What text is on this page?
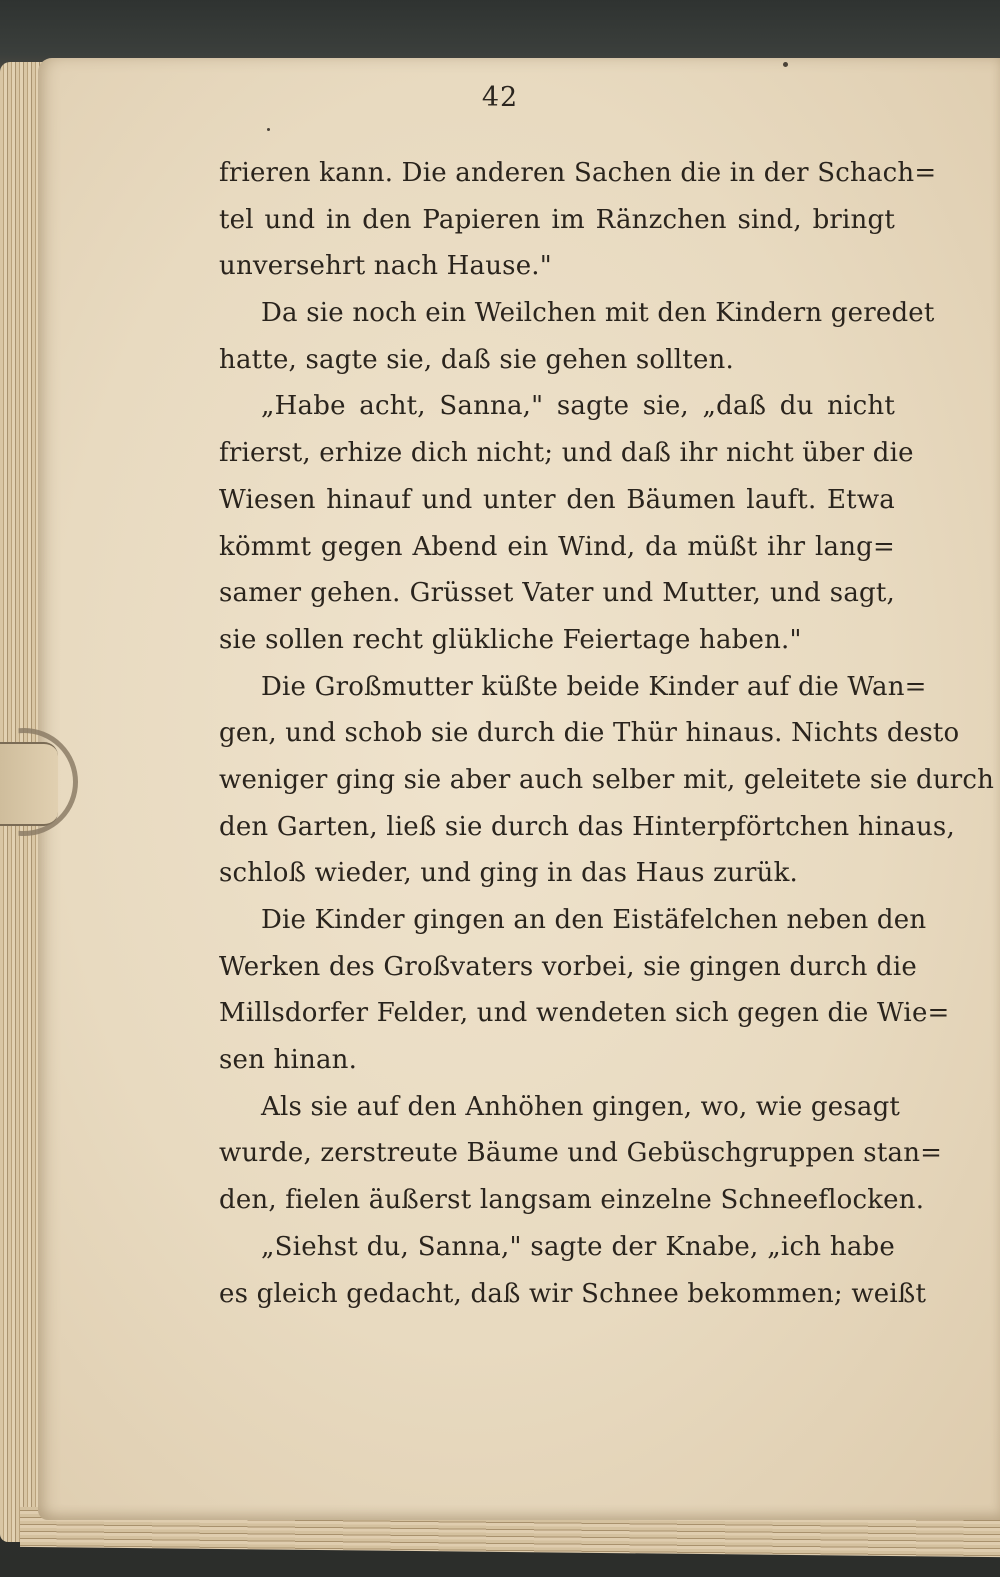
42
frieren kann. Die anderen Sachen die in der Schach=
tel und in den Papieren im Ränzchen sind, bringt
unversehrt nach Hause."
Da sie noch ein Weilchen mit den Kindern geredet
hatte, sagte sie, daß sie gehen sollten.
„Habe acht, Sanna," sagte sie, „daß du nicht
frierst, erhize dich nicht; und daß ihr nicht über die
Wiesen hinauf und unter den Bäumen lauft. Etwa
kömmt gegen Abend ein Wind, da müßt ihr lang=
samer gehen. Grüsset Vater und Mutter, und sagt,
sie sollen recht glükliche Feiertage haben."
Die Großmutter küßte beide Kinder auf die Wan=
gen, und schob sie durch die Thür hinaus. Nichts desto
weniger ging sie aber auch selber mit, geleitete sie durch
den Garten, ließ sie durch das Hinterpförtchen hinaus,
schloß wieder, und ging in das Haus zurük.
Die Kinder gingen an den Eistäfelchen neben den
Werken des Großvaters vorbei, sie gingen durch die
Millsdorfer Felder, und wendeten sich gegen die Wie=
sen hinan.
Als sie auf den Anhöhen gingen, wo, wie gesagt
wurde, zerstreute Bäume und Gebüschgruppen stan=
den, fielen äußerst langsam einzelne Schneeflocken.
„Siehst du, Sanna," sagte der Knabe, „ich habe
es gleich gedacht, daß wir Schnee bekommen; weißt
